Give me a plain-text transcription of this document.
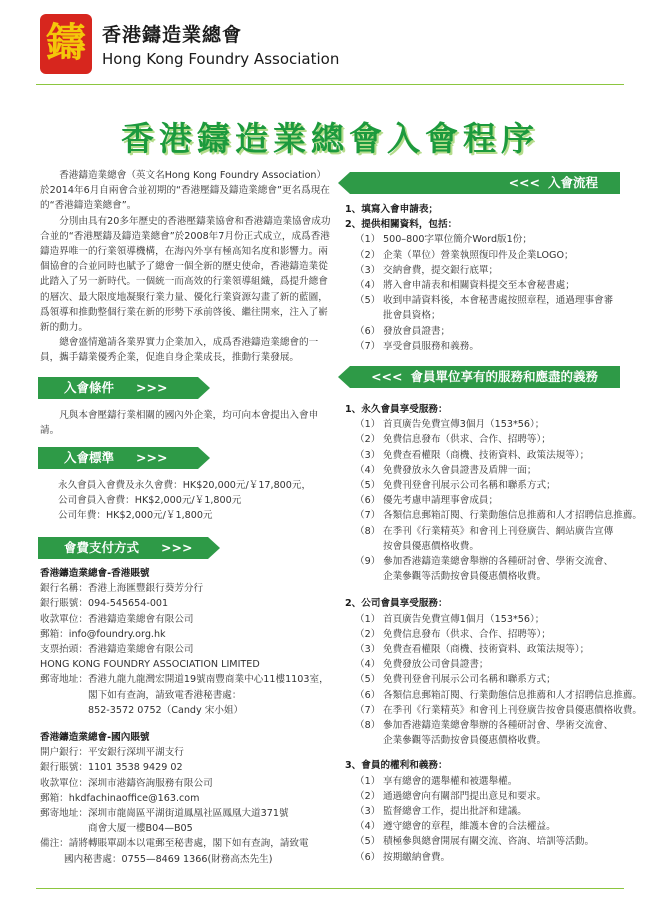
鑄 香港鑄造業總會
Hong Kong Foundry Association
香港鑄造業總會入會程序

香港鑄造業總會（英文名Hong Kong Foundry Association）於2014年6月自兩會合並初期的“香港壓鑄及鑄造業總會”更名爲現在的“香港鑄造業總會”。

分別由具有20多年歷史的香港壓鑄業協會和香港鑄造業協會成功合並的“香港壓鑄及鑄造業總會”於2008年7月份正式成立，成爲香港鑄造界唯一的行業領導機構，在海內外享有極高知名度和影響力。兩個協會的合並同時也賦予了總會一個全新的歷史使命，香港鑄造業從此踏入了另一新時代。一個統一而高效的行業領導組織，爲提升總會的層次、最大限度地凝聚行業力量、優化行業資源勾畫了新的藍圖，爲領導和推動整個行業在新的形勢下承前啓後、繼往開來，注入了嶄新的動力。

總會盛情邀請各業界實力企業加入，成爲香港鑄造業總會的一員，攜手鑄業優秀企業，促進自身企業成長，推動行業發展。

入會條件 >>>

凡與本會壓鑄行業相關的國內外企業，均可向本會提出入會申請。

入會標準 >>>
永久會員入會費及永久會費：HK$20,000元/￥17,800元，
公司會員入會費：HK$2,000元/￥1,800元
公司年費：HK$2,000元/￥1,800元
會費支付方式 >>>
香港鑄造業總會-香港賬號
銀行名稱：香港上海匯豐銀行葵芳分行
銀行賬號：094-545654-001
收款單位：香港鑄造業總會有限公司
郵箱：info@foundry.org.hk
支票抬頭：香港鑄造業總會有限公司
HONG KONG FOUNDRY ASSOCIATION LIMITED
郵寄地址：香港九龍九龍灣宏開道19號南豐商業中心11樓1103室，
閣下如有查詢，請致電香港秘書處：
852-3572 0752（Candy 宋小姐）
香港鑄造業總會-國內賬號
開户銀行：平安銀行深圳平湖支行
銀行賬號：1101 3538 9429 02
收款單位：深圳市港鑄咨詢服務有限公司
郵箱：hkdfachinaoffice@163.com
郵寄地址：深圳市龍崗區平湖街道鳳凰社區鳳凰大道371號
商會大厦一樓B04—B05
備注：請將轉賬單副本以電郵至秘書處，閣下如有查詢，請致電
國内秘書處：0755—8469 1366(財務高杰先生)
<<< 入會流程
1、填寫入會申請表；
2、提供相關資料，包括：
（1） 500–800字單位簡介Word版1份；
（2） 企業（單位）營業執照復印件及企業LOGO；
（3） 交納會費，提交銀行底單；
（4） 將入會申請表和相關資料提交至本會秘書處；
（5） 收到申請資料後，本會秘書處按照章程，通過理事會審
批會員資格；
（6） 發放會員證書；
（7） 享受會員服務和義務。
<<< 會員單位享有的服務和應盡的義務
1、永久會員享受服務：
（1） 首頁廣告免費宣傳3個月（153*56）；
（2） 免費信息發布（供求、合作、招聘等）；
（3） 免費查看權限（商機、技術資料、政策法規等）；
（4） 免費發放永久會員證書及盾牌一面；
（5） 免費刊登會刊展示公司名稱和聯系方式；
（6） 優先考慮申請理事會成員；
（7） 各類信息郵箱訂閱、行業動態信息推薦和人才招聘信息推薦。
（8） 在季刊《行業精英》和會刊上刊登廣告、網站廣告宣傳
按會員優惠價格收費。
（9） 參加香港鑄造業總會舉辦的各種研討會、學術交流會、
企業參觀等活動按會員優惠價格收費。
2、公司會員享受服務：
（1） 首頁廣告免費宣傳1個月（153*56）；
（2） 免費信息發布（供求、合作、招聘等）；
（3） 免費查看權限（商機、技術資料、政策法規等）；
（4） 免費發放公司會員證書；
（5） 免費刊登會刊展示公司名稱和聯系方式；
（6） 各類信息郵箱訂閱、行業動態信息推薦和人才招聘信息推薦。
（7） 在季刊《行業精英》和會刊上刊登廣告按會員優惠價格收費。
（8） 參加香港鑄造業總會舉辦的各種研討會、學術交流會、
企業參觀等活動按會員優惠價格收費。
3、會員的權利和義務：
（1） 享有總會的選舉權和被選舉權。
（2） 通過總會向有關部門提出意見和要求。
（3） 監督總會工作，提出批評和建議。
（4） 遵守總會的章程，維護本會的合法權益。
（5） 積極參與總會開展有關交流、咨詢、培訓等活動。
（6） 按期繳納會費。
